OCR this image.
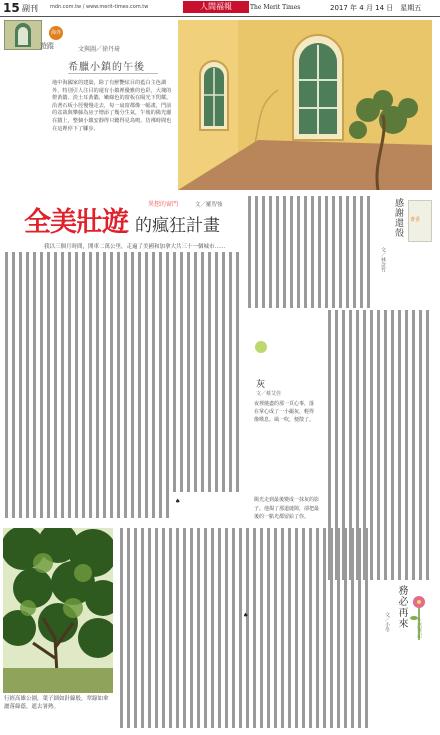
15 副刊 mdn.com.tw / www.merit-times.com.tw	人間福報	The Merit Times	2017 年 4 月 14 日　星期五
海外
遊蹤	文與圖／徐丹琦
希臘小鎮的午後
地中海國家的建築，除了有鮮艷炫目的藍白主色調外，特別引人注目的還有小鎮裡優雅的色彩，大塊的橙黃牆、淡土耳黃牆，嫩綠色的窗板在陽光下閃耀。沿著石板小徑慢慢走去，每一扇窗都像一幅畫，門前的盆栽與攀藤為房子增添了幾分生氣，午後的陽光灑在牆上，整個小鎮安靜得只聽得見鳥鳴，彷彿時間也在這裡停下了腳步。
全美壯遊
異想的窗門
的瘋狂計畫
文／羅智強
我以三個月時間，開車二萬公里，走遍了美國和加拿大共三十一個城市……
♠
行經高雄公園，葉子細如針線般，翠綠如傘灑落綠蔭，遮去暑熱。
書香
感謝還殼
文／林念竹
灰
文／蔡艾佳
夜裡燒盡的那一頁心事，落在掌心成了一小撮灰，輕得像嘆息。風一吹，便散了。
陽光走到最後變成一抹灰的影子。他揭了那道縫隙，卻把最後的一點光都留給了你。
生活筆記
務必再來
文／小冬
♠
